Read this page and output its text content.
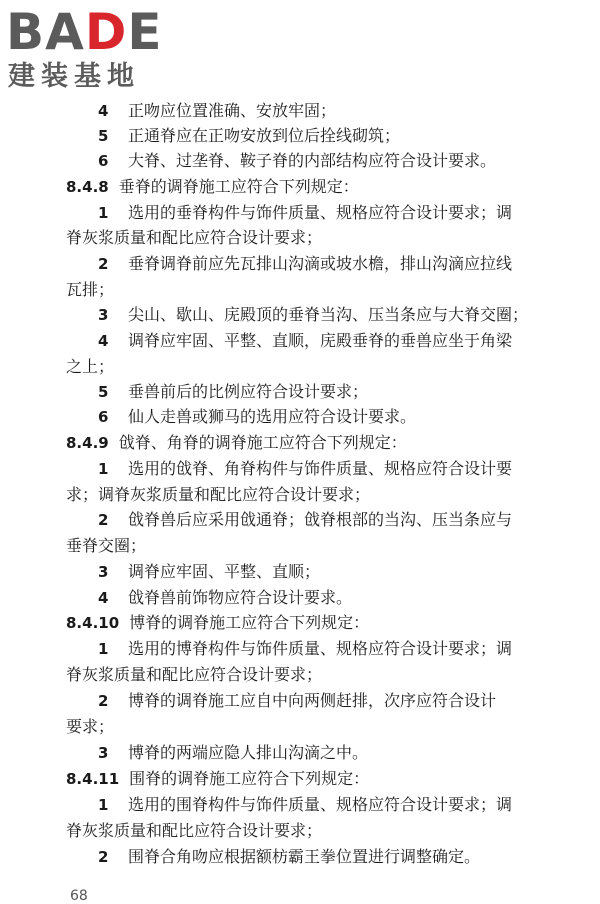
BADE
建装基地
4 正吻应位置准确、安放牢固；
5 正通脊应在正吻安放到位后拴线砌筑；
6 大脊、过垄脊、鞍子脊的内部结构应符合设计要求。
8.4.8 垂脊的调脊施工应符合下列规定：
1 选用的垂脊构件与饰件质量、规格应符合设计要求；调
脊灰浆质量和配比应符合设计要求；
2 垂脊调脊前应先瓦排山沟滴或坡水檐，排山沟滴应拉线
瓦排；
3 尖山、歇山、庑殿顶的垂脊当沟、压当条应与大脊交圈；
4 调脊应牢固、平整、直顺，庑殿垂脊的垂兽应坐于角梁
之上；
5 垂兽前后的比例应符合设计要求；
6 仙人走兽或狮马的选用应符合设计要求。
8.4.9 戗脊、角脊的调脊施工应符合下列规定：
1 选用的戗脊、角脊构件与饰件质量、规格应符合设计要
求；调脊灰浆质量和配比应符合设计要求；
2 戗脊兽后应采用戗通脊；戗脊根部的当沟、压当条应与
垂脊交圈；
3 调脊应牢固、平整、直顺；
4 戗脊兽前饰物应符合设计要求。
8.4.10 博脊的调脊施工应符合下列规定：
1 选用的博脊构件与饰件质量、规格应符合设计要求；调
脊灰浆质量和配比应符合设计要求；
2 博脊的调脊施工应自中向两侧赶排，次序应符合设计
要求；
3 博脊的两端应隐人排山沟滴之中。
8.4.11 围脊的调脊施工应符合下列规定：
1 选用的围脊构件与饰件质量、规格应符合设计要求；调
脊灰浆质量和配比应符合设计要求；
2 围脊合角吻应根据额枋霸王拳位置进行调整确定。
68
